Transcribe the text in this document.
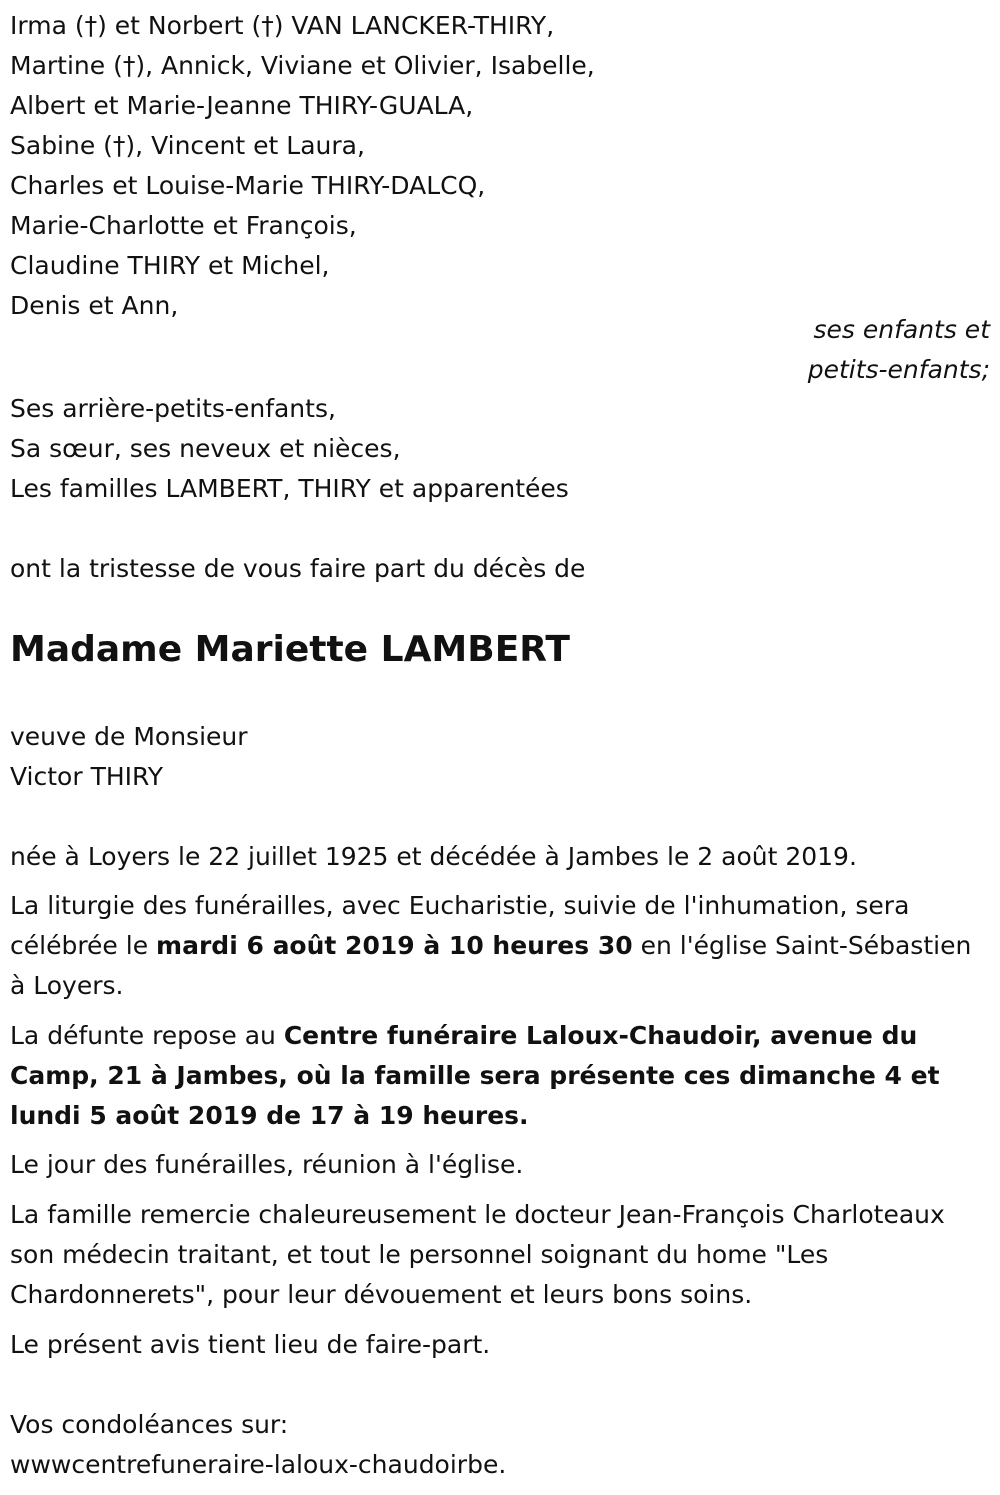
Irma (†) et Norbert (†) VAN LANCKER-THIRY,
Martine (†), Annick, Viviane et Olivier, Isabelle,
Albert et Marie-Jeanne THIRY-GUALA,
Sabine (†), Vincent et Laura,
Charles et Louise-Marie THIRY-DALCQ,
Marie-Charlotte et François,
Claudine THIRY et Michel,
Denis et Ann,
ses enfants et
petits-enfants;
Ses arrière-petits-enfants,
Sa sœur, ses neveux et nièces,
Les familles LAMBERT, THIRY et apparentées
ont la tristesse de vous faire part du décès de
Madame Mariette LAMBERT
veuve de Monsieur
Victor THIRY
née à Loyers le 22 juillet 1925 et décédée à Jambes le 2 août 2019.
La liturgie des funérailles, avec Eucharistie, suivie de l'inhumation, sera célébrée le mardi 6 août 2019 à 10 heures 30 en l'église Saint-Sébastien à Loyers.
La défunte repose au Centre funéraire Laloux-Chaudoir, avenue du Camp, 21 à Jambes, où la famille sera présente ces dimanche 4 et lundi 5 août 2019 de 17 à 19 heures.
Le jour des funérailles, réunion à l'église.
La famille remercie chaleureusement le docteur Jean-François Charloteaux son médecin traitant, et tout le personnel soignant du home "Les Chardonnerets", pour leur dévouement et leurs bons soins.
Le présent avis tient lieu de faire-part.
Vos condoléances sur:
wwwcentrefuneraire-laloux-chaudoirbe.
